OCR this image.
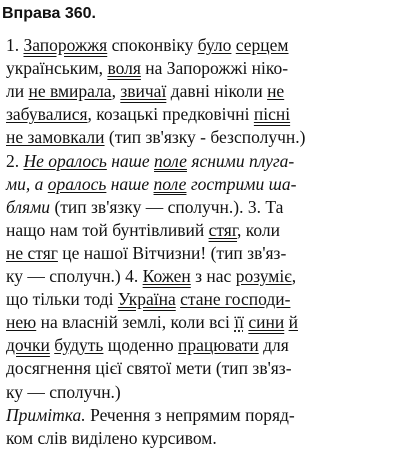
Вправа 360.
1. Запорожжя споконвіку було серцем
українським, воля на Запорожжі ніко-
ли не вмирала, звичаї давні ніколи не
забувалися, козацькі предковічні пісні
не замовкали (тип зв'язку - безсполучн.)
2. Не оралось наше поле ясними плуга-
ми, а оралось наше поле гострими ша-
блями (тип зв'язку — сполучн.). 3. Та
нащо нам той бунтівливий стяг, коли
не стяг це нашої Вітчизни! (тип зв'яз-
ку — сполучн.) 4. Кожен з нас розуміє,
що тільки тоді Україна стане господи-
нею на власній землі, коли всі її сини й
дочки будуть щоденно працювати для
досягнення цієї святої мети (тип зв'яз-
ку — сполучн.)
Примітка. Речення з непрямим поряд-
ком слів виділено курсивом.
